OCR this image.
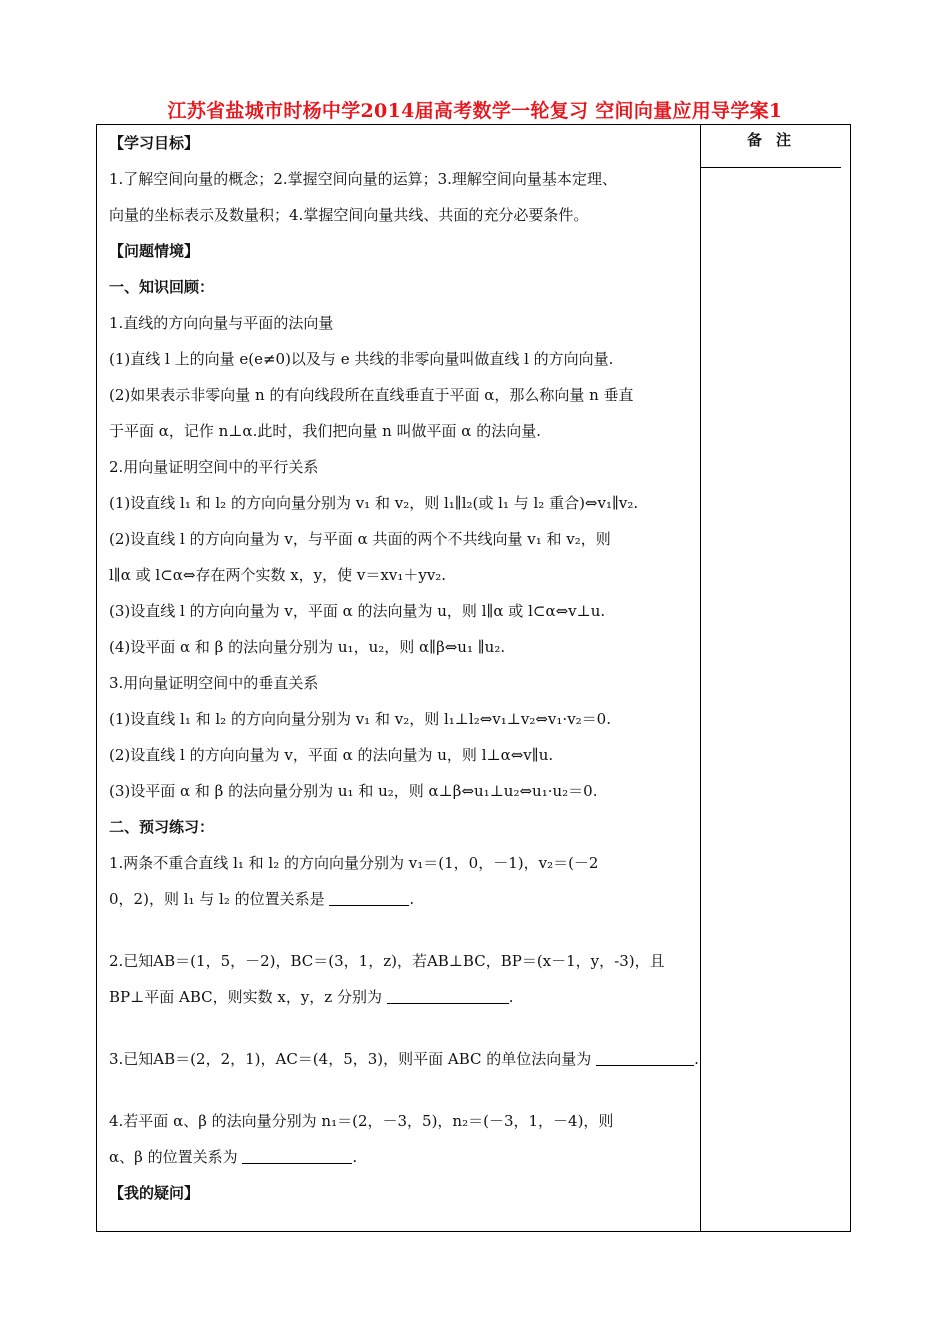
江苏省盐城市时杨中学2014届高考数学一轮复习 空间向量应用导学案1
备注
【学习目标】
1.了解空间向量的概念；2.掌握空间向量的运算；3.理解空间向量基本定理、
向量的坐标表示及数量积；4.掌握空间向量共线、共面的充分必要条件。
【问题情境】
一、知识回顾：
1.直线的方向向量与平面的法向量
(1)直线 l 上的向量 e(e≠0)以及与 e 共线的非零向量叫做直线 l 的方向向量.
(2)如果表示非零向量 n 的有向线段所在直线垂直于平面 α，那么称向量 n 垂直
于平面 α，记作 n⊥α.此时，我们把向量 n 叫做平面 α 的法向量.
2.用向量证明空间中的平行关系
(1)设直线 l₁ 和 l₂ 的方向向量分别为 v₁ 和 v₂，则 l₁∥l₂(或 l₁ 与 l₂ 重合)⇔v₁∥v₂.
(2)设直线 l 的方向向量为 v，与平面 α 共面的两个不共线向量 v₁ 和 v₂，则
l∥α 或 l⊂α⇔存在两个实数 x，y，使 v＝xv₁＋yv₂.
(3)设直线 l 的方向向量为 v，平面 α 的法向量为 u，则 l∥α 或 l⊂α⇔v⊥u.
(4)设平面 α 和 β 的法向量分别为 u₁，u₂，则 α∥β⇔u₁ ∥u₂.
3.用向量证明空间中的垂直关系
(1)设直线 l₁ 和 l₂ 的方向向量分别为 v₁ 和 v₂，则 l₁⊥l₂⇔v₁⊥v₂⇔v₁·v₂＝0.
(2)设直线 l 的方向向量为 v，平面 α 的法向量为 u，则 l⊥α⇔v∥u.
(3)设平面 α 和 β 的法向量分别为 u₁ 和 u₂，则 α⊥β⇔u₁⊥u₂⇔u₁·u₂＝0.
二、预习练习：
1.两条不重合直线 l₁ 和 l₂ 的方向向量分别为 v₁＝(1，0，－1)，v₂＝(－2
0，2)，则 l₁ 与 l₂ 的位置关系是	.
2.已知AB＝(1，5，－2)，BC＝(3，1，z)，若AB⊥BC，BP＝(x－1，y，-3)，且
BP⊥平面 ABC，则实数 x，y，z 分别为	.
3.已知AB＝(2，2，1)，AC＝(4，5，3)，则平面 ABC 的单位法向量为	.
4.若平面 α、β 的法向量分别为 n₁＝(2，－3，5)，n₂＝(－3，1，－4)，则
α、β 的位置关系为	.
【我的疑问】
